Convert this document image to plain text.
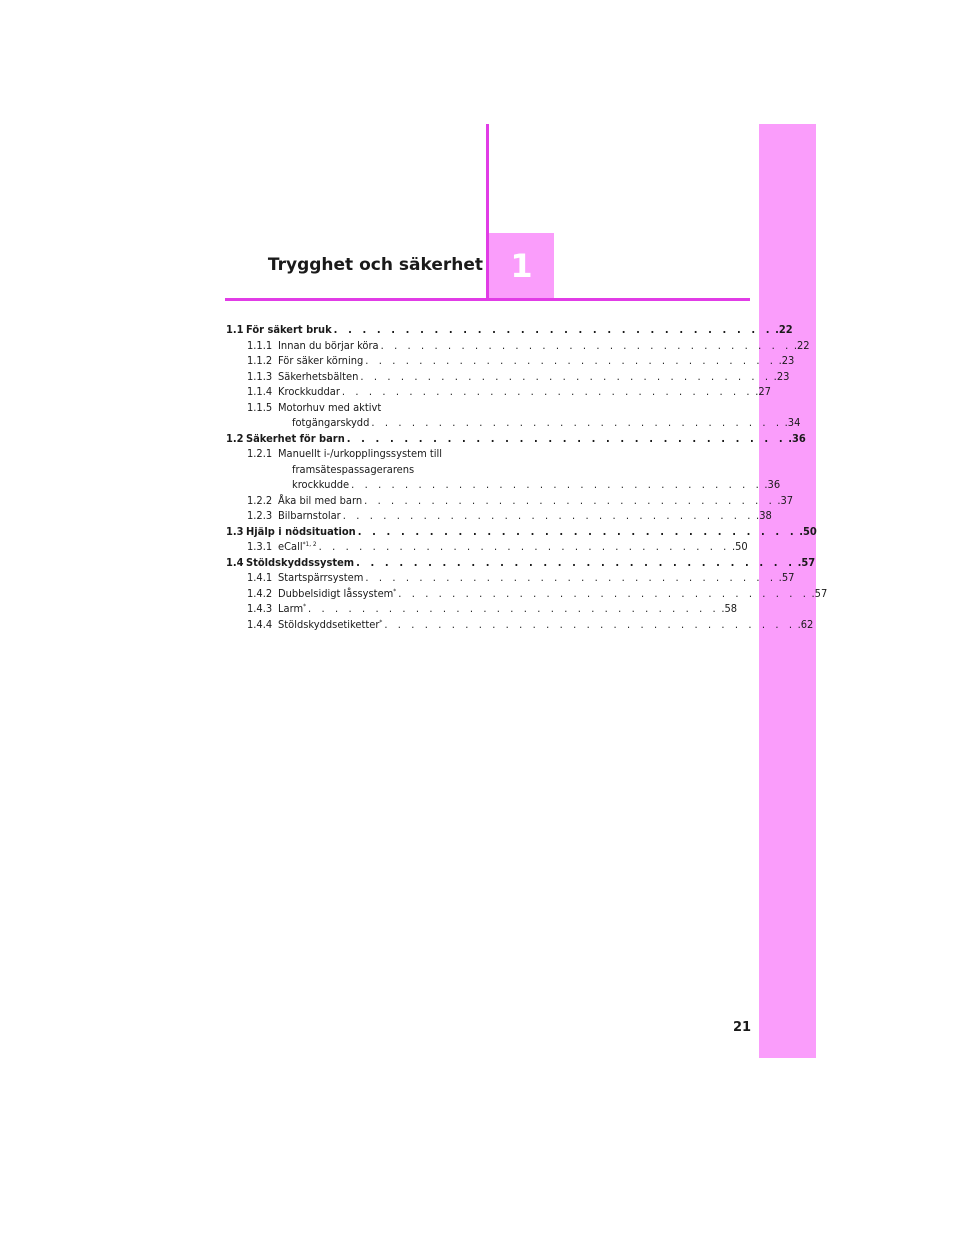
Trygghet och säkerhet 1
1.1 För säkert bruk . . . . . . . . . . . . . . . . . . . . . . . . . . . . . . . .22
1.1.1 Innan du börjar köra . . . . . . . . . . . . . . . . . . . . . . . . . . . . . . . .22
1.1.2 För säker körning . . . . . . . . . . . . . . . . . . . . . . . . . . . . . . . .23
1.1.3 Säkerhetsbälten . . . . . . . . . . . . . . . . . . . . . . . . . . . . . . . .23
1.1.4 Krockkuddar . . . . . . . . . . . . . . . . . . . . . . . . . . . . . . . .27
1.1.5 Motorhuv med aktivt
fotgängarskydd . . . . . . . . . . . . . . . . . . . . . . . . . . . . . . . .34
1.2 Säkerhet för barn . . . . . . . . . . . . . . . . . . . . . . . . . . . . . . . .36
1.2.1 Manuellt i-/urkopplingssystem till
framsätespassagerarens
krockkudde . . . . . . . . . . . . . . . . . . . . . . . . . . . . . . . .36
1.2.2 Åka bil med barn . . . . . . . . . . . . . . . . . . . . . . . . . . . . . . . .37
1.2.3 Bilbarnstolar . . . . . . . . . . . . . . . . . . . . . . . . . . . . . . . .38
1.3 Hjälp i nödsituation . . . . . . . . . . . . . . . . . . . . . . . . . . . . . . . .50
1.3.1 eCall$^{*1, 2}$ . . . . . . . . . . . . . . . . . . . . . . . . . . . . . . . .50
1.4 Stöldskyddssystem . . . . . . . . . . . . . . . . . . . . . . . . . . . . . . . .57
1.4.1 Startspärrsystem . . . . . . . . . . . . . . . . . . . . . . . . . . . . . . . .57
1.4.2 Dubbelsidigt låssystem* . . . . . . . . . . . . . . . . . . . . . . . . . . . . . . . .57
1.4.3 Larm* . . . . . . . . . . . . . . . . . . . . . . . . . . . . . . . .58
1.4.4 Stöldskyddsetiketter* . . . . . . . . . . . . . . . . . . . . . . . . . . . . . . . .62
21
